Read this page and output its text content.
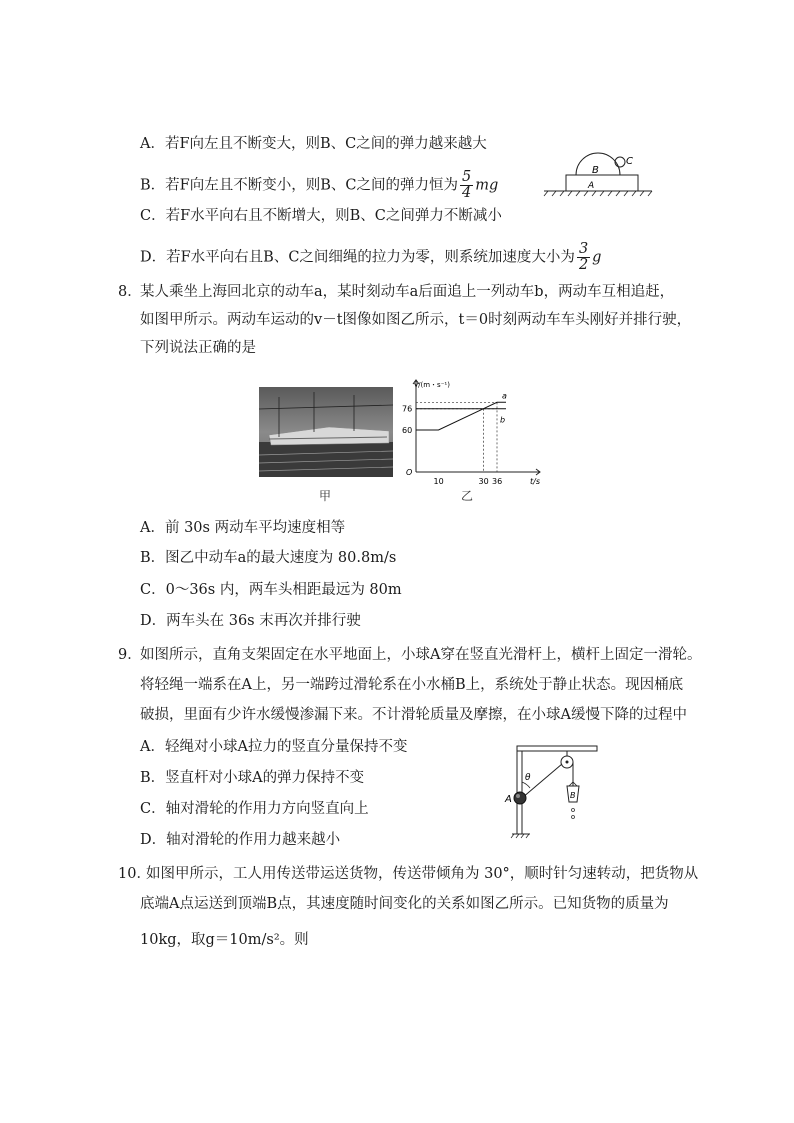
A．若F向左且不断变大，则B、C之间的弹力越来越大
B．若F向左且不断变小，则B、C之间的弹力恒为 $\frac{5}{4}$ mg
C．若F水平向右且不断增大，则B、C之间弹力不断减小
D．若F水平向右且B、C之间细绳的拉力为零，则系统加速度大小为 $\frac{3}{2}$ g
B
C
A
8．
某人乘坐上海回北京的动车a，某时刻动车a后面追上一列动车b，两动车互相追赶，
如图甲所示。两动车运动的v－t图像如图乙所示，t＝0时刻两动车车头刚好并排行驶，
下列说法正确的是
甲
a
b
60
76
10	30 36
O
t/s
v/(m・s⁻¹)
乙
A．前 30s 两动车平均速度相等
B．图乙中动车a的最大速度为 80.8m/s
C．0～36s 内，两车头相距最远为 80m
D．两车头在 36s 末再次并排行驶
9．
如图所示，直角支架固定在水平地面上，小球A穿在竖直光滑杆上，横杆上固定一滑轮。
将轻绳一端系在A上，另一端跨过滑轮系在小水桶B上，系统处于静止状态。现因桶底
破损，里面有少许水缓慢渗漏下来。不计滑轮质量及摩擦，在小球A缓慢下降的过程中
A．轻绳对小球A拉力的竖直分量保持不变
B．竖直杆对小球A的弹力保持不变
C．轴对滑轮的作用力方向竖直向上
D．轴对滑轮的作用力越来越小
A
θ
B
10．
如图甲所示，工人用传送带运送货物，传送带倾角为 30°，顺时针匀速转动，把货物从
底端A点运送到顶端B点，其速度随时间变化的关系如图乙所示。已知货物的质量为
10kg，取g＝10m/s²。则
